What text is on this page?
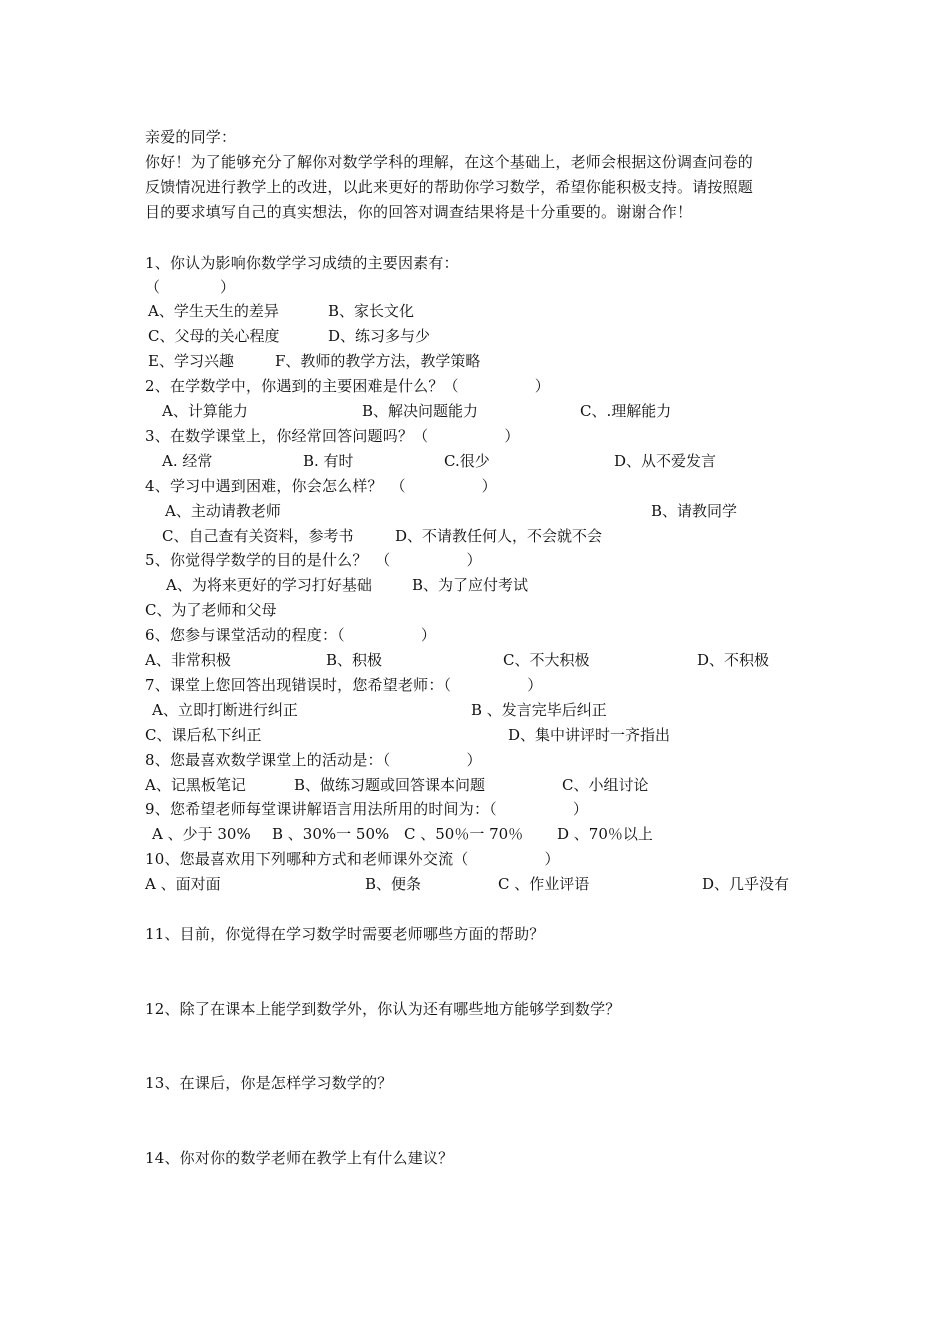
亲爱的同学：
你好！为了能够充分了解你对数学学科的理解，在这个基础上，老师会根据这份调查问卷的
反馈情况进行教学上的改进，以此来更好的帮助你学习数学，希望你能积极支持。请按照题
目的要求填写自己的真实想法，你的回答对调查结果将是十分重要的。谢谢合作！
1、你认为影响你数学学习成绩的主要因素有：
（　　　　）
A、学生天生的差异	B、家长文化
C、父母的关心程度	D、练习多与少
E、学习兴趣	F、教师的教学方法，教学策略
2、在学数学中，你遇到的主要困难是什么？（　　　　　）
A、计算能力	B、解决问题能力	C、.理解能力
3、在数学课堂上，你经常回答问题吗？（　　　　　）
A. 经常	B. 有时	C.很少	D、从不爱发言
4、学习中遇到困难，你会怎么样？　（　　　　　）
A、主动请教老师	B、请教同学
C、自己查有关资料，参考书	D、不请教任何人，不会就不会
5、你觉得学数学的目的是什么？　（　　　　　）
A、为将来更好的学习打好基础	B、为了应付考试
C、为了老师和父母
6、您参与课堂活动的程度：（　　　　　）
A、非常积极	B、积极	C、不大积极	D、不积极
7、课堂上您回答出现错误时，您希望老师：（　　　　　）
A、立即打断进行纠正	B 、发言完毕后纠正
C、课后私下纠正	D、集中讲评时一齐指出
8、您最喜欢数学课堂上的活动是：（　　　　　）
A、记黑板笔记	B、做练习题或回答课本问题	C、小组讨论
9、您希望老师每堂课讲解语言用法所用的时间为：（　　　　　）
A 、少于 30% B 、30%一 50% C 、50％一 70％ D 、70％以上
10、您最喜欢用下列哪种方式和老师课外交流（　　　　　）
A 、面对面	B、便条	C 、作业评语	D、几乎没有
11、目前，你觉得在学习数学时需要老师哪些方面的帮助？
12、除了在课本上能学到数学外，你认为还有哪些地方能够学到数学？
13、在课后，你是怎样学习数学的？
14、你对你的数学老师在教学上有什么建议？
